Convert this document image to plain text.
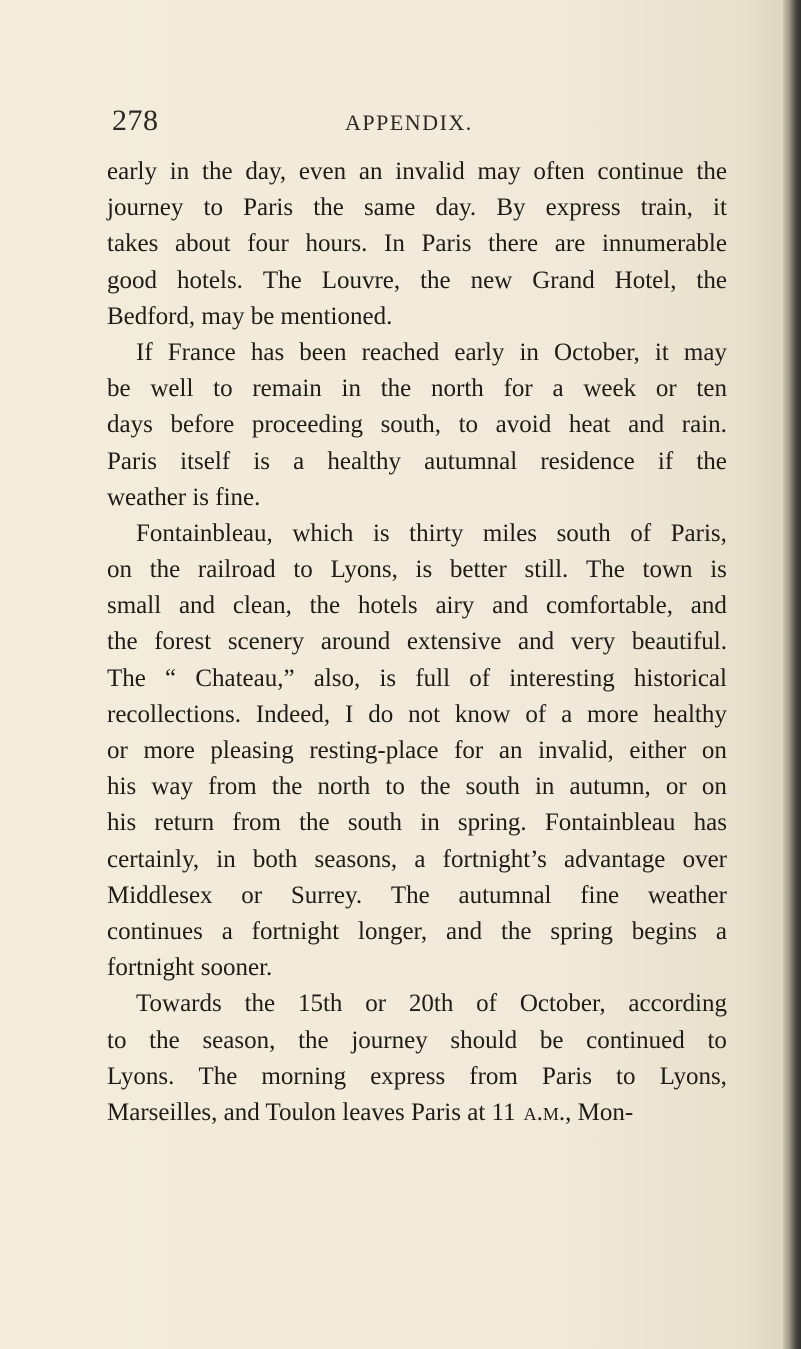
278	APPENDIX.
early in the day, even an invalid may often continue the
journey to Paris the same day. By express train, it
takes about four hours. In Paris there are innumerable
good hotels. The Louvre, the new Grand Hotel, the
Bedford, may be mentioned.
If France has been reached early in October, it may
be well to remain in the north for a week or ten
days before proceeding south, to avoid heat and rain.
Paris itself is a healthy autumnal residence if the
weather is fine.
Fontainbleau, which is thirty miles south of Paris,
on the railroad to Lyons, is better still. The town is
small and clean, the hotels airy and comfortable, and
the forest scenery around extensive and very beautiful.
The “ Chateau,” also, is full of interesting historical
recollections. Indeed, I do not know of a more healthy
or more pleasing resting-place for an invalid, either on
his way from the north to the south in autumn, or on
his return from the south in spring. Fontainbleau has
certainly, in both seasons, a fortnight’s advantage over
Middlesex or Surrey. The autumnal fine weather
continues a fortnight longer, and the spring begins a
fortnight sooner.
Towards the 15th or 20th of October, according
to the season, the journey should be continued to
Lyons. The morning express from Paris to Lyons,
Marseilles, and Toulon leaves Paris at 11 a.m. , Mon-
